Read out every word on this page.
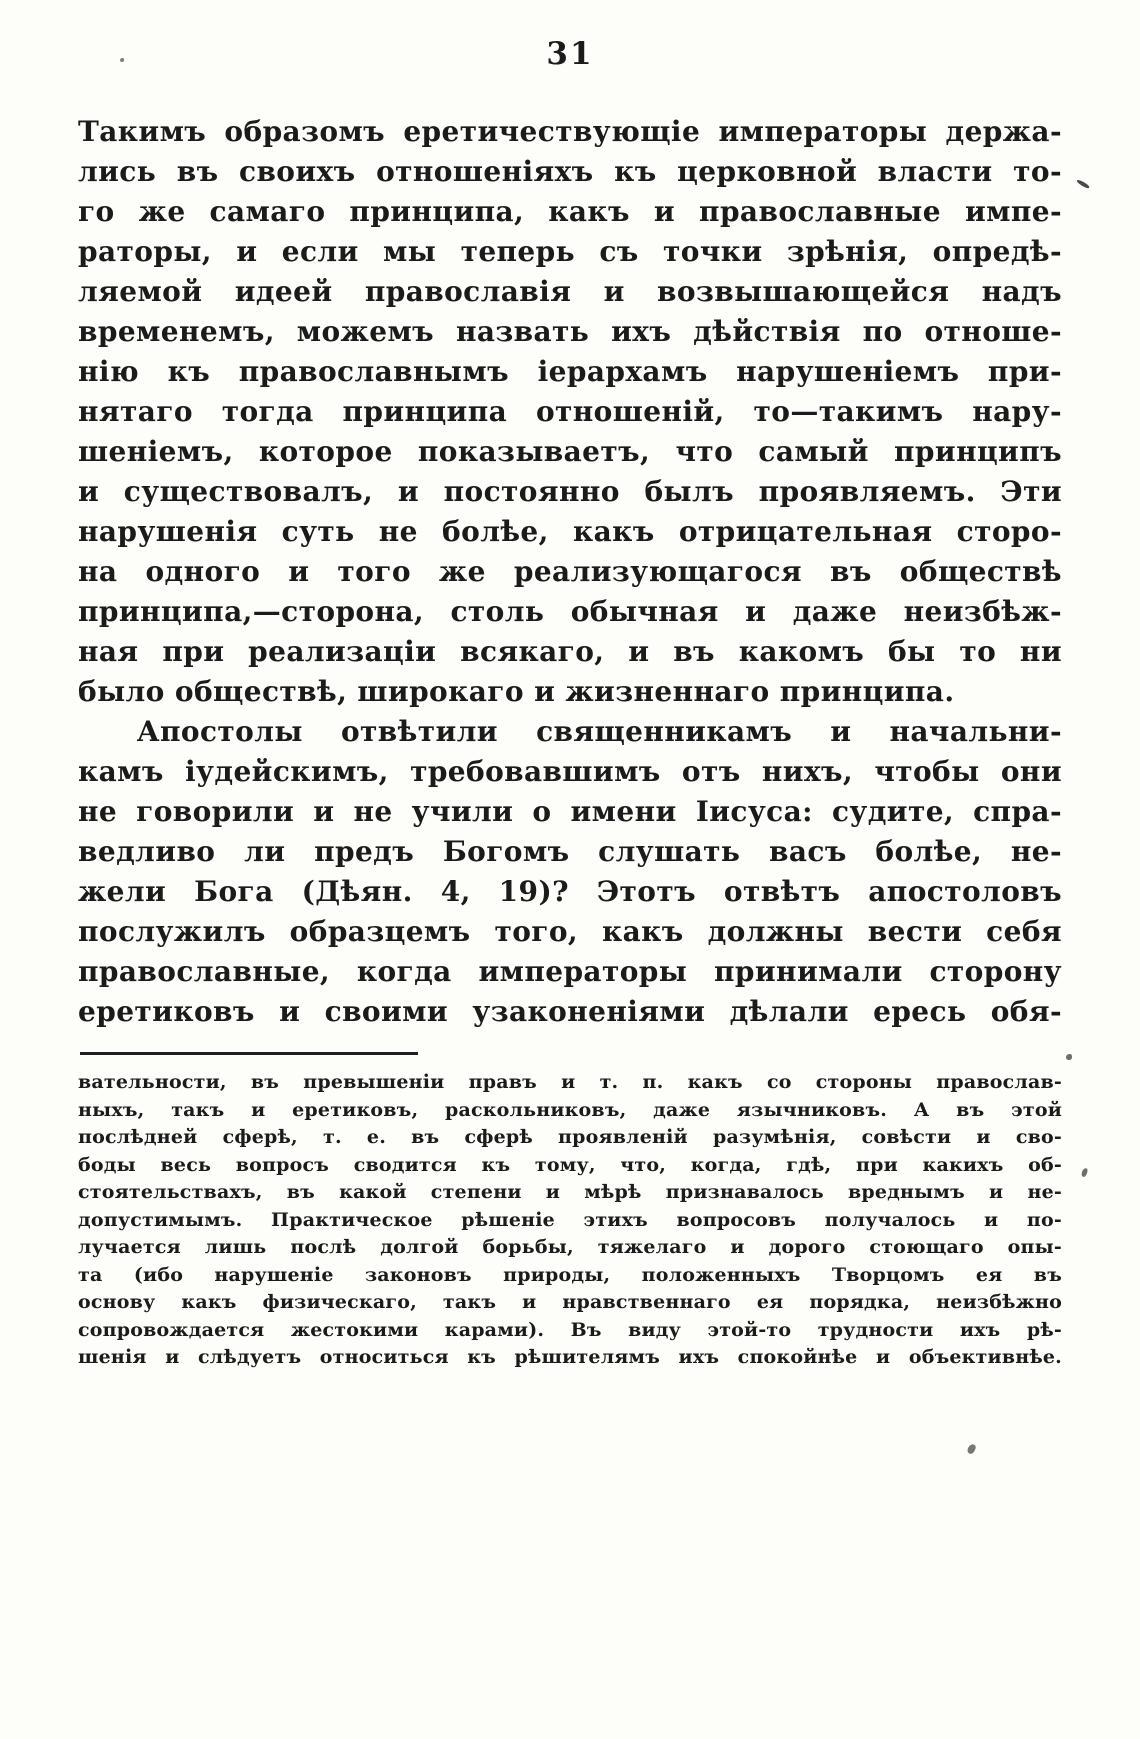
31
Такимъ образомъ еретичествующіе императоры держа-
лись въ своихъ отношеніяхъ къ церковной власти то-
го же самаго принципа, какъ и православные импе-
раторы, и если мы теперь съ точки зрѣнія, опредѣ-
ляемой идеей православія и возвышающейся надъ
временемъ, можемъ назвать ихъ дѣйствія по отноше-
нію къ православнымъ іерархамъ нарушеніемъ при-
нятаго тогда принципа отношеній, то—такимъ нару-
шеніемъ, которое показываетъ, что самый принципъ
и существовалъ, и постоянно былъ проявляемъ. Эти
нарушенія суть не болѣе, какъ отрицательная сторо-
на одного и того же реализующагося въ обществѣ
принципа,—сторона, столь обычная и даже неизбѣж-
ная при реализаціи всякаго, и въ какомъ бы то ни
было обществѣ, широкаго и жизненнаго принципа.
Апостолы отвѣтили священникамъ и начальни-
камъ іудейскимъ, требовавшимъ отъ нихъ, чтобы они
не говорили и не учили о имени Іисуса: судите, спра-
ведливо ли предъ Богомъ слушать васъ болѣе, не-
жели Бога (Дѣян. 4, 19)? Этотъ отвѣтъ апостоловъ
послужилъ образцемъ того, какъ должны вести себя
православные, когда императоры принимали сторону
еретиковъ и своими узаконеніями дѣлали ересь обя-
вательности, въ превышеніи правъ и т. п. какъ со стороны православ-
ныхъ, такъ и еретиковъ, раскольниковъ, даже язычниковъ. А въ этой
послѣдней сферѣ, т. е. въ сферѣ проявленій разумѣнія, совѣсти и сво-
боды весь вопросъ сводится къ тому, что, когда, гдѣ, при какихъ об-
стоятельствахъ, въ какой степени и мѣрѣ признавалось вреднымъ и не-
допустимымъ. Практическое рѣшеніе этихъ вопросовъ получалось и по-
лучается лишь послѣ долгой борьбы, тяжелаго и дорого стоющаго опы-
та (ибо нарушеніе законовъ природы, положенныхъ Творцомъ ея въ
основу какъ физическаго, такъ и нравственнаго ея порядка, неизбѣжно
сопровождается жестокими карами). Въ виду этой-то трудности ихъ рѣ-
шенія и слѣдуетъ относиться къ рѣшителямъ ихъ спокойнѣе и объективнѣе.
